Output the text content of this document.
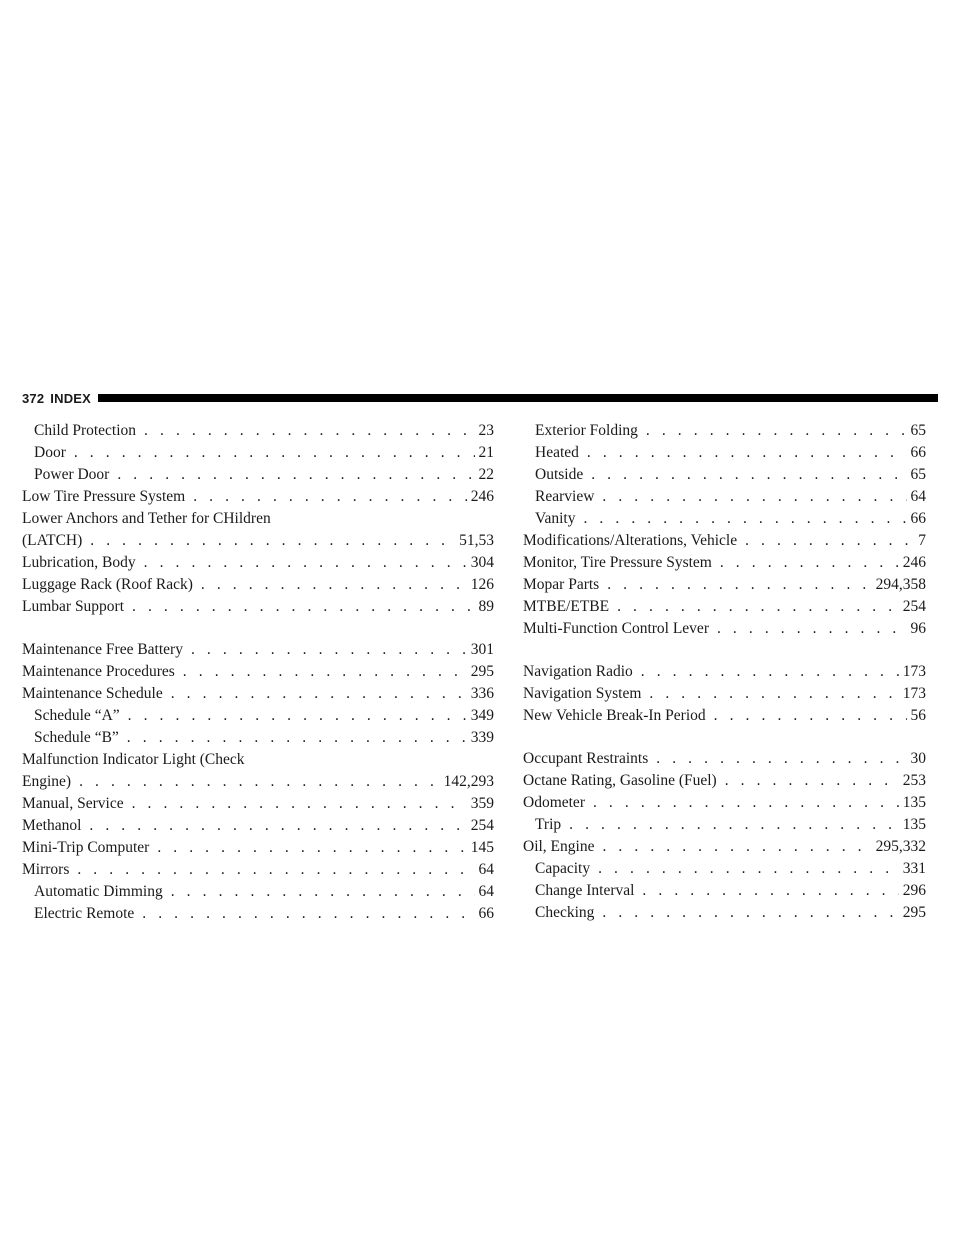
372 INDEX
Child Protection . . .	23
Door . . .	21
Power Door . . .	22
Low Tire Pressure System . . .	246
Lower Anchors and Tether for CHildren
(LATCH) . . .	51,53
Lubrication, Body . . .	304
Luggage Rack (Roof Rack) . . .	126
Lumbar Support . . .	89
Maintenance Free Battery . . .	301
Maintenance Procedures . . .	295
Maintenance Schedule . . .	336
Schedule “A” . . .	349
Schedule “B” . . .	339
Malfunction Indicator Light (Check
Engine) . . .	142,293
Manual, Service . . .	359
Methanol . . .	254
Mini-Trip Computer . . .	145
Mirrors . . .	64
Automatic Dimming . . .	64
Electric Remote . . .	66
Exterior Folding . . .	65
Heated . . .	66
Outside . . .	65
Rearview . . .	64
Vanity . . .	66
Modifications/Alterations, Vehicle . . .	7
Monitor, Tire Pressure System . . .	246
Mopar Parts . . .	294,358
MTBE/ETBE . . .	254
Multi-Function Control Lever . . .	96
Navigation Radio . . .	173
Navigation System . . .	173
New Vehicle Break-In Period . . .	56
Occupant Restraints . . .	30
Octane Rating, Gasoline (Fuel) . . .	253
Odometer . . .	135
Trip . . .	135
Oil, Engine . . .	295,332
Capacity . . .	331
Change Interval . . .	296
Checking . . .	295
